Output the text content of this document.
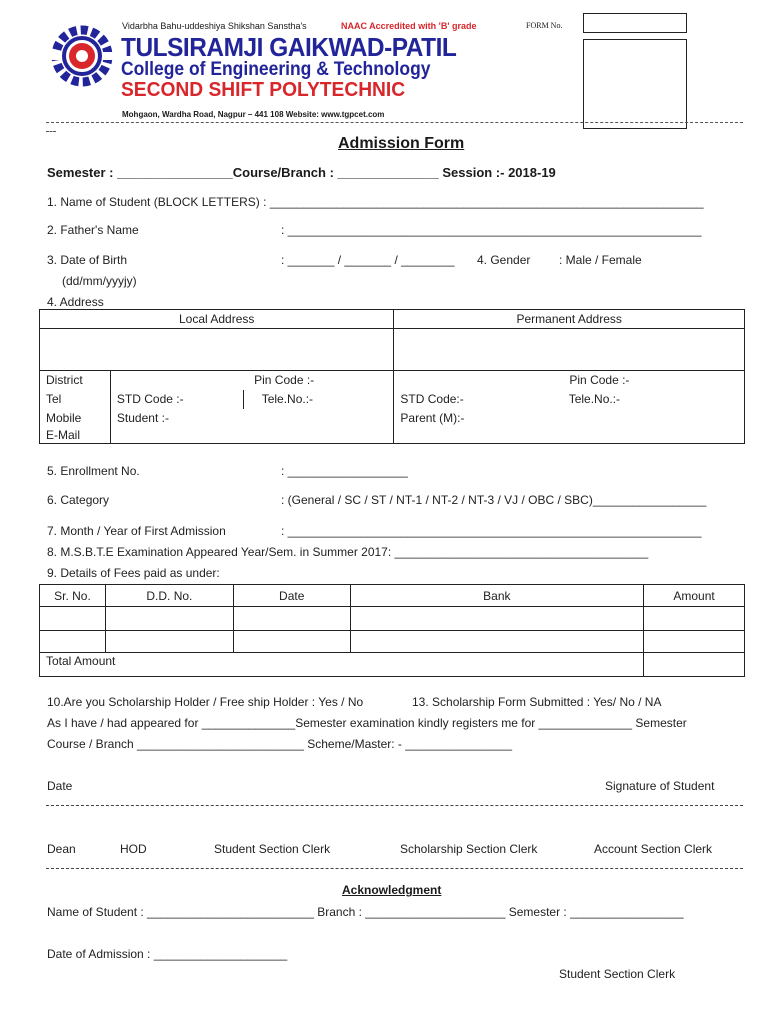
Vidarbha Bahu-uddeshiya Shikshan Sanstha's	NAAC Accredited with 'B' grade
TULSIRAMJI GAIKWAD-PATIL
College of Engineering & Technology
SECOND SHIFT POLYTECHNIC
Mohgaon, Wardha Road, Nagpur – 441 108 Website: www.tgpcet.com
FORM No.
Admission Form
Semester : ________________Course/Branch : ______________ Session :- 2018-19
1. Name of Student (BLOCK LETTERS) : _________________________________________________________________
2. Father's Name	: ______________________________________________________________
3. Date of Birth	: _______ / _______ / ________ 4. Gender : Male / Female
(dd/mm/yyyjy)
4. Address
Local Address			Permanent Address	

District	Pin Code :-		Pin Code :-	
Tel	STD Code :-	Tele.No.:-	STD Code:-	Tele.No.:-
Mobile	Student :-		Parent (M):-	
E-Mail				
5. Enrollment No.	: __________________
6. Category	: (General / SC / ST / NT-1 / NT-2 / NT-3 / VJ / OBC / SBC)_________________
7. Month / Year of First Admission	: ______________________________________________________________
8. M.S.B.T.E Examination Appeared Year/Sem. in Summer 2017: ______________________________________
9. Details of Fees paid as under:
Sr. No.	D.D. No.	Date	Bank	Amount

Total Amount				
10.Are you Scholarship Holder / Free ship Holder : Yes / No	13. Scholarship Form Submitted : Yes/ No / NA
As I have / had appeared for ______________Semester examination kindly registers me for ______________ Semester
Course / Branch _________________________ Scheme/Master: - ________________
Date	Signature of Student
Dean	HOD	Student Section Clerk	Scholarship Section Clerk	Account Section Clerk
Acknowledgment
Name of Student : _________________________ Branch : _____________________ Semester : _________________
Date of Admission : ____________________
Student Section Clerk
